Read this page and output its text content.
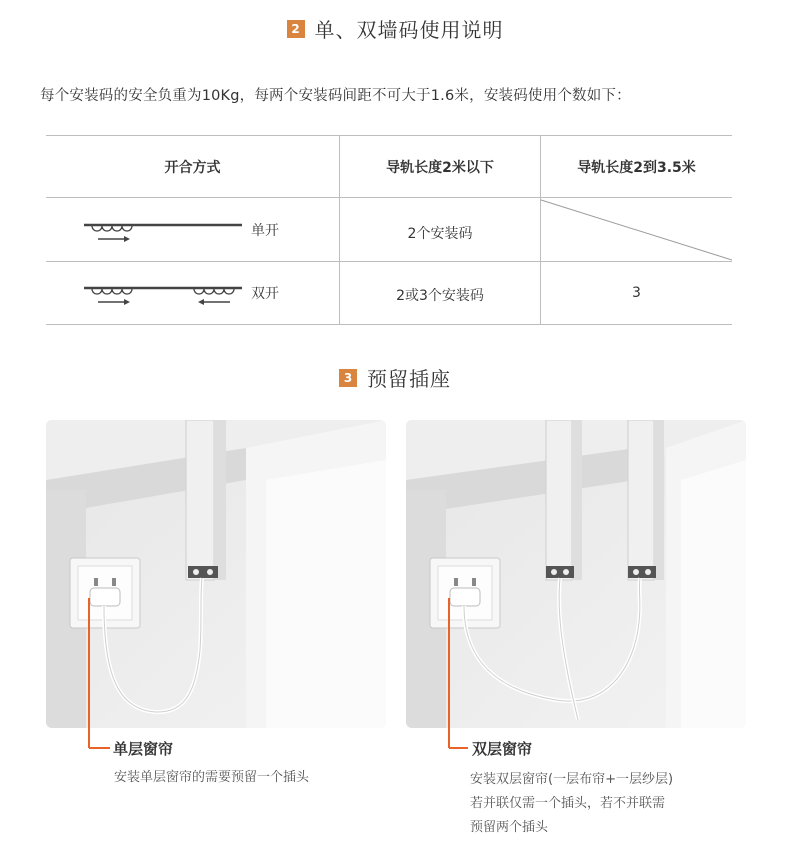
2 单、双墙码使用说明
每个安装码的安全负重为10Kg，每两个安装码间距不可大于1.6米，安装码使用个数如下：
开合方式	导轨长度2米以下	导轨长度2到3.5米
单开	2个安装码
双开	2或3个安装码	3
3 预留插座
单层窗帘
安装单层窗帘的需要预留一个插头
双层窗帘
安装双层窗帘(一层布帘+一层纱层)
若并联仅需一个插头，若不并联需
预留两个插头
